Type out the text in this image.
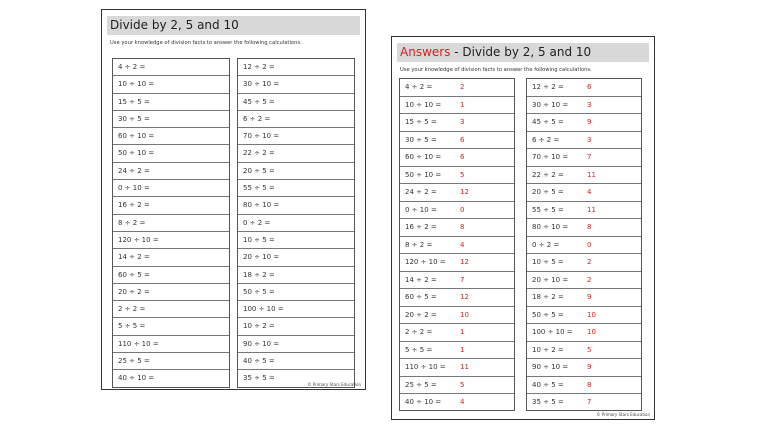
Divide by 2, 5 and 10
Use your knowledge of division facts to answer the following calculations.
4 ÷ 2 =
10 ÷ 10 =
15 ÷ 5 =
30 ÷ 5 =
60 ÷ 10 =
50 ÷ 10 =
24 ÷ 2 =
0 ÷ 10 =
16 ÷ 2 =
8 ÷ 2 =
120 ÷ 10 =
14 ÷ 2 =
60 ÷ 5 =
20 ÷ 2 =
2 ÷ 2 =
5 ÷ 5 =
110 ÷ 10 =
25 ÷ 5 =
40 ÷ 10 =
12 ÷ 2 =
30 ÷ 10 =
45 ÷ 5 =
6 ÷ 2 =
70 ÷ 10 =
22 ÷ 2 =
20 ÷ 5 =
55 ÷ 5 =
80 ÷ 10 =
0 ÷ 2 =
10 ÷ 5 =
20 ÷ 10 =
18 ÷ 2 =
50 ÷ 5 =
100 ÷ 10 =
10 ÷ 2 =
90 ÷ 10 =
40 ÷ 5 =
35 ÷ 5 =
© Primary Stars Education
Answers - Divide by 2, 5 and 10
Use your knowledge of division facts to answer the following calculations.
4 ÷ 2 =	2
10 ÷ 10 =	1
15 ÷ 5 =	3
30 ÷ 5 =	6
60 ÷ 10 =	6
50 ÷ 10 =	5
24 ÷ 2 =	12
0 ÷ 10 =	0
16 ÷ 2 =	8
8 ÷ 2 =	4
120 ÷ 10 = 12
14 ÷ 2 =	7
60 ÷ 5 =	12
20 ÷ 2 =	10
2 ÷ 2 =	1
5 ÷ 5 =	1
110 ÷ 10 = 11
25 ÷ 5 =	5
40 ÷ 10 =	4
12 ÷ 2 =	6
30 ÷ 10 =	3
45 ÷ 5 =	9
6 ÷ 2 =	3
70 ÷ 10 =	7
22 ÷ 2 =	11
20 ÷ 5 =	4
55 ÷ 5 =	11
80 ÷ 10 =	8
0 ÷ 2 =	0
10 ÷ 5 =	2
20 ÷ 10 =	2
18 ÷ 2 =	9
50 ÷ 5 =	10
100 ÷ 10 = 10
10 ÷ 2 =	5
90 ÷ 10 =	9
40 ÷ 5 =	8
35 ÷ 5 =	7
© Primary Stars Education
